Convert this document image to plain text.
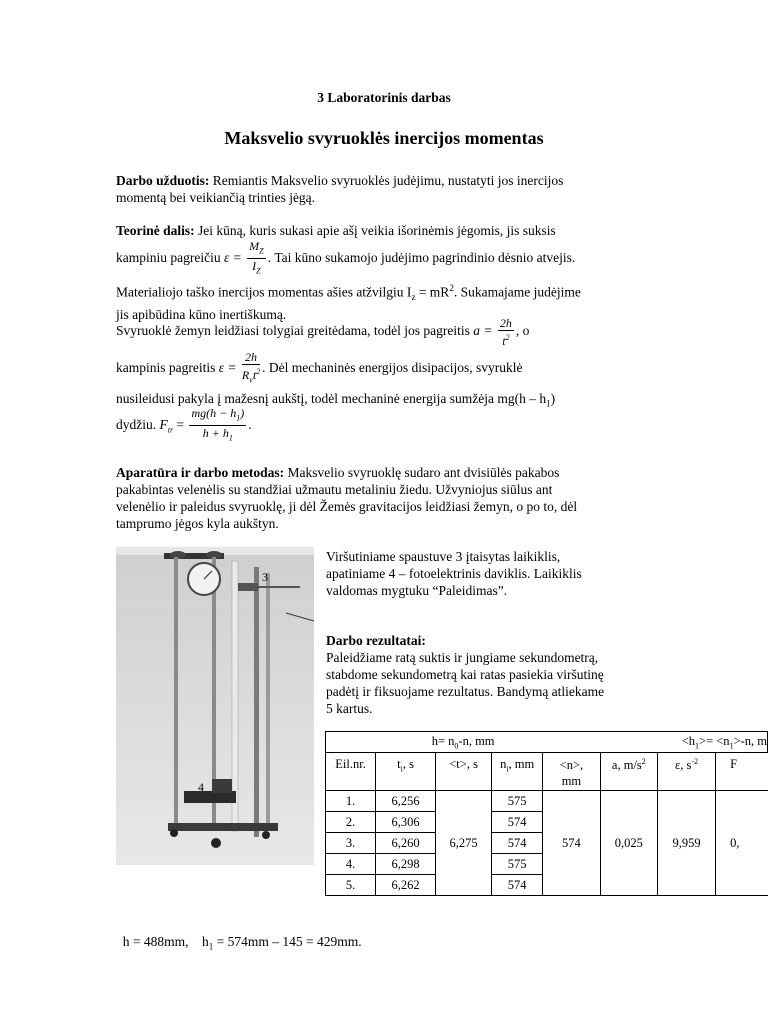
3 Laboratorinis darbas
Maksvelio svyruoklės inercijos momentas
Darbo užduotis: Remiantis Maksvelio svyruoklės judėjimu, nustatyti jos inercijos
momentą bei veikiančią trinties jėgą.
Teorinė dalis: Jei kūną, kuris sukasi apie ašį veikia išorinėmis jėgomis, jis suksis
kampiniu pagreičiu $\varepsilon = \frac{M_Z}{I_Z}$ . Tai kūno sukamojo judėjimo pagrindinio dėsnio atvejis.
Materialiojo taško inercijos momentas ašies atžvilgiu $I_z = mR^2$. Sukamajame judėjime
jis apibūdina kūno inertiškumą.
Svyruoklė žemyn leidžiasi tolygiai greitėdama, todėl jos pagreitis $a = \frac{2h}{t^2}$ , o
kampinis pagreitis $\varepsilon = \frac{2h}{R_vt^2}$ . Dėl mechaninės energijos disipacijos, svyruklė
nusileidusi pakyla į mažesnį aukštį, todėl mechaninė energija sumžėja $mg(h - h_1)$
dydžiu. $F_{tr} = \frac{mg(h - h_1)}{h + h_1}$ .
Aparatūra ir darbo metodas: Maksvelio svyruoklę sudaro ant dvisiūlės pakabos
pakabintas velenėlis su standžiai užmautu metaliniu žiedu. Užvyniojus siūlus ant
velenėlio ir paleidus svyruoklę, ji dėl Žemės gravitacijos leidžiasi žemyn, o po to, dėl
tamprumo jėgos kyla aukštyn.
3
4
Viršutiniame spaustuve 3 įtaisytas laikiklis,
apatiniame 4 – fotoelektrinis daviklis. Laikiklis
valdomas mygtuku “Paleidimas”.
Darbo rezultatai:
Paleidžiame ratą suktis ir jungiame sekundometrą,
stabdome sekundometrą kai ratas pasiekia viršutinę
padėtį ir fiksuojame rezultatus. Bandymą atliekame
5 kartus.
$h= n_0-n$, mm					$<h_1>= <n_1>-n$, m		
Eil.nr.	$t_i$, s	<t>, s	$n_i$, mm	<n>,
mm	a, $m/s^2$	ε, $s^{-2}$	F
1.	6,256	6,275	575	574	0,025	9,959	0,
2.	6,306		574				
3.	6,260		574				
4.	6,298		575				
5.	6,262		574				

h = 488mm, $h_1 = 574mm - 145 = 429mm$.
